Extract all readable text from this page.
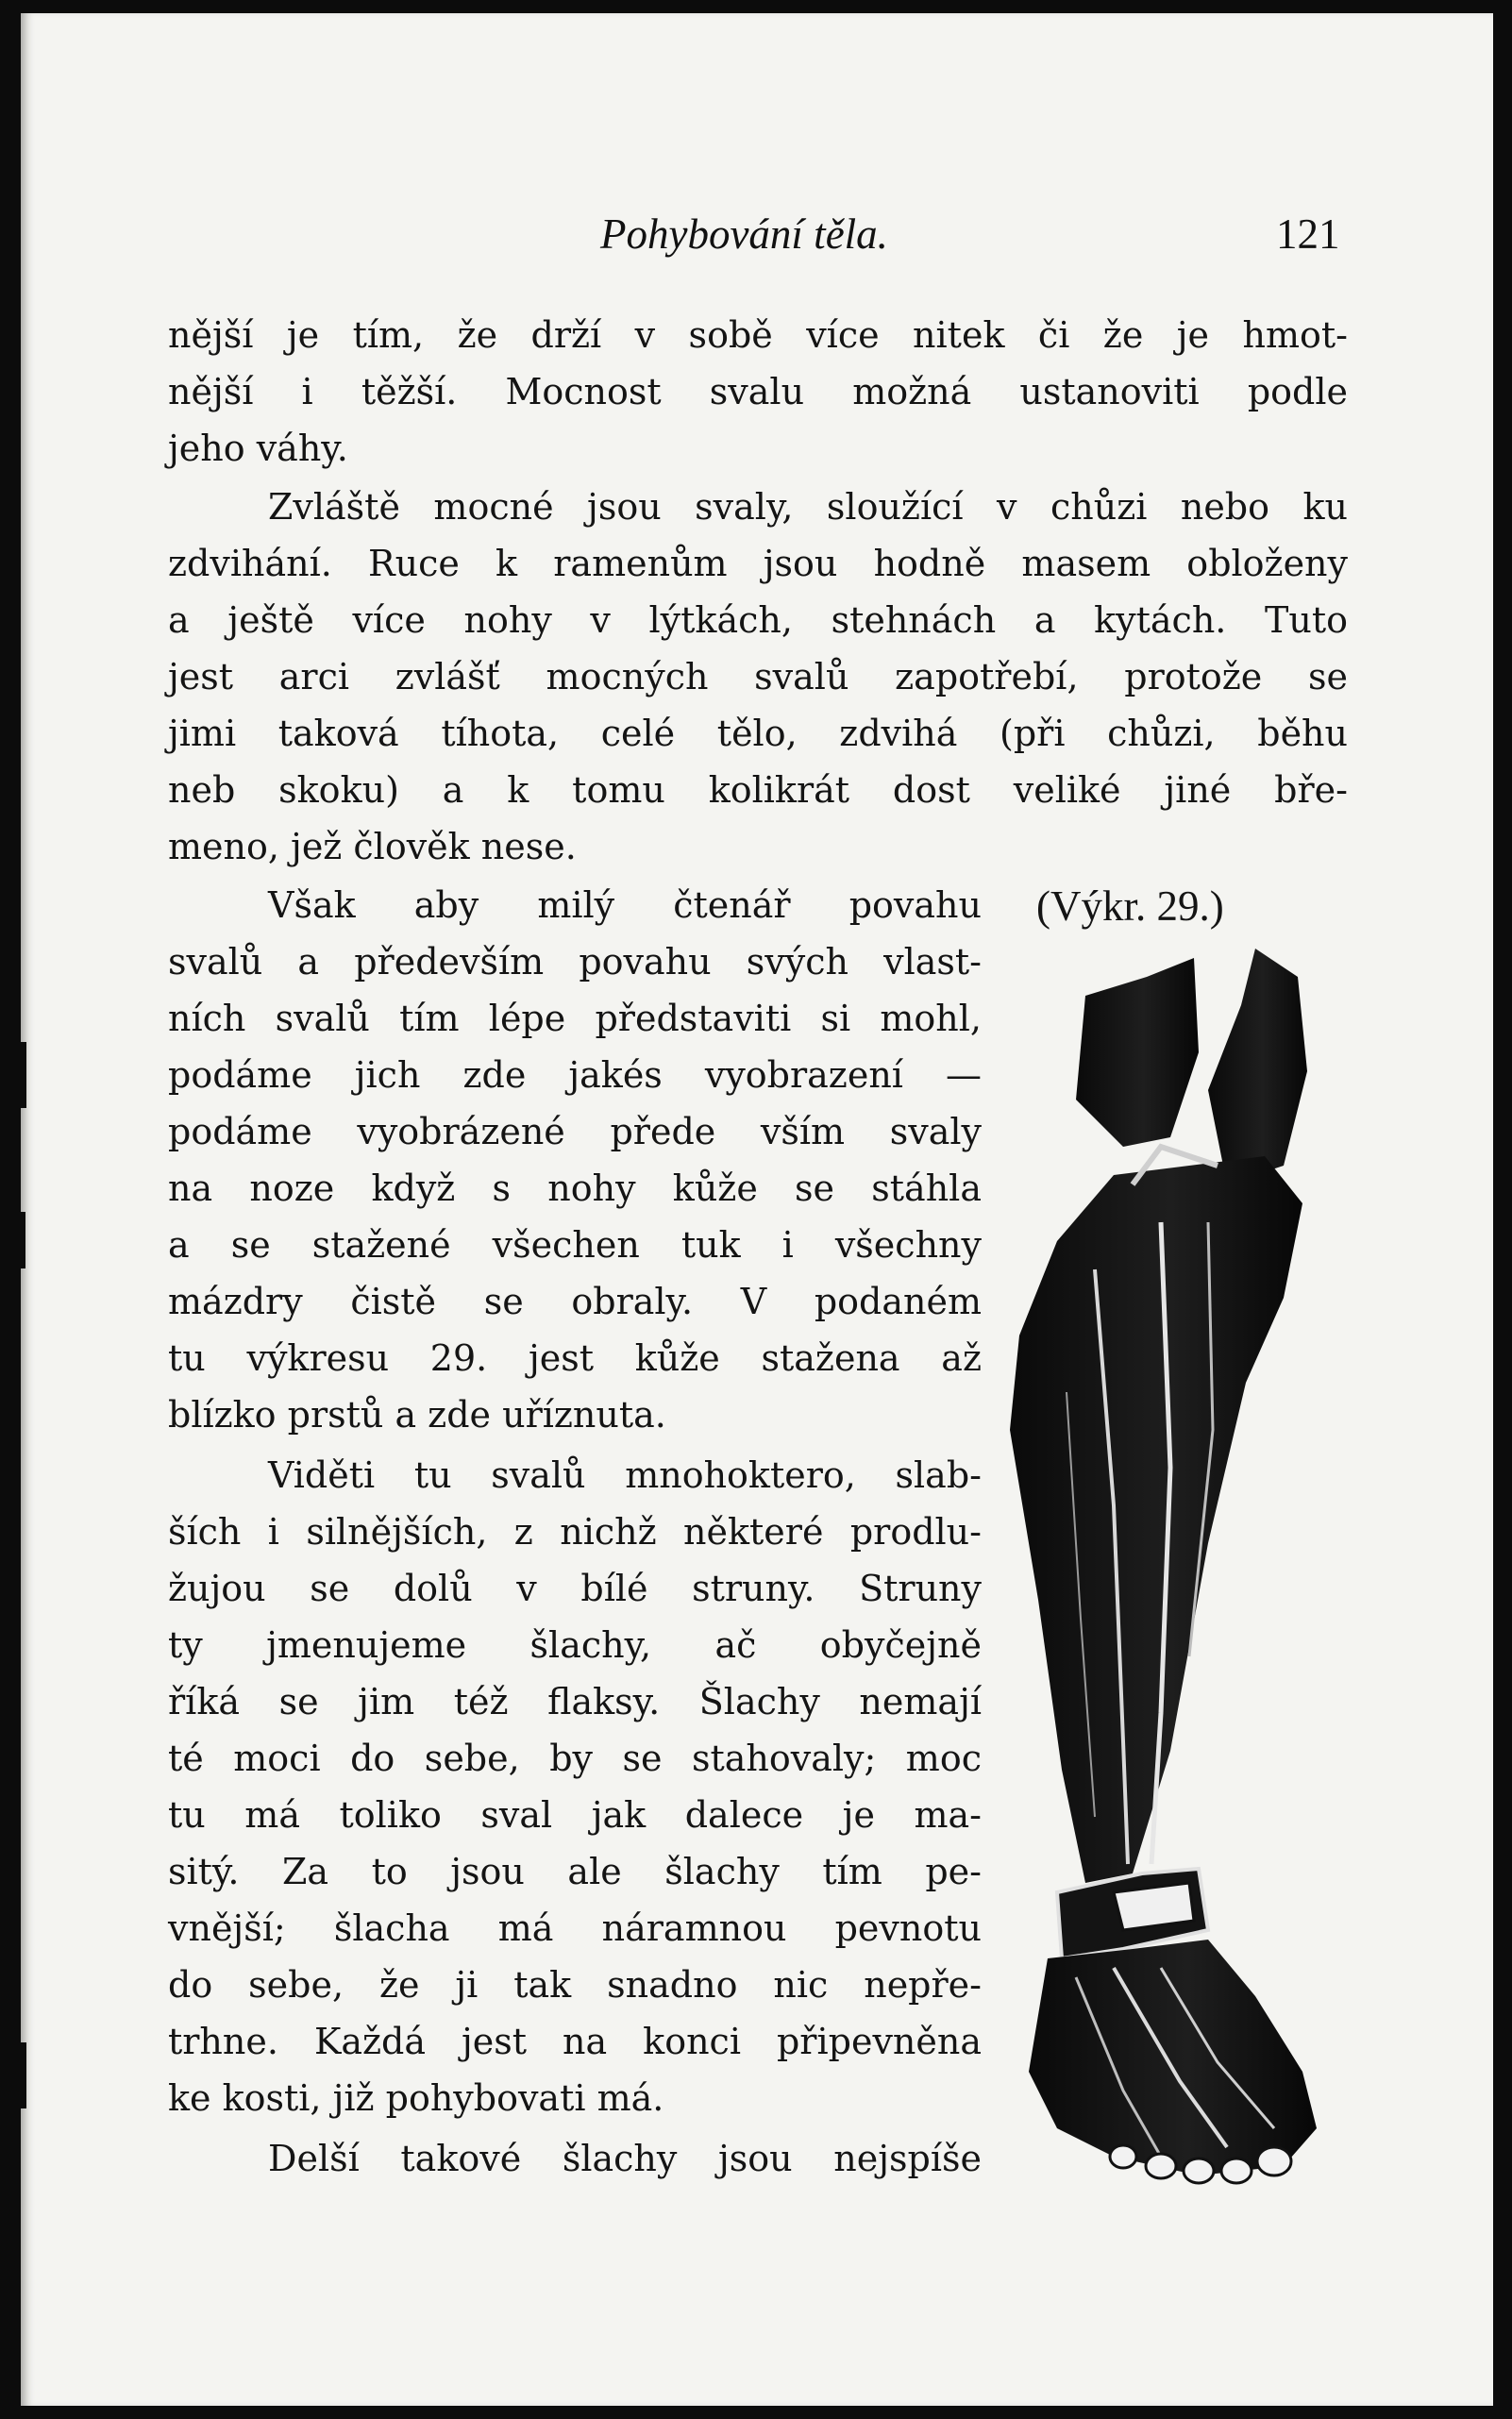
Pohybování těla.	121

nější je tím, že drží v sobě více nitek či že je hmot-

nější i těžší. Mocnost svalu možná ustanoviti podle

jeho váhy.

Zvláště mocné jsou svaly, sloužící v chůzi nebo ku

zdvihání. Ruce k ramenům jsou hodně masem obloženy

a ještě více nohy v lýtkách, stehnách a kytách. Tuto

jest arci zvlášť mocných svalů zapotřebí, protože se

jimi taková tíhota, celé tělo, zdvihá (při chůzi, běhu

neb skoku) a k tomu kolikrát dost veliké jiné bře-

meno, jež člověk nese.

Však aby milý čtenář povahu

svalů a především povahu svých vlast-

ních svalů tím lépe představiti si mohl,

podáme jich zde jakés vyobrazení —

podáme vyobrázené přede vším svaly

na noze když s nohy kůže se stáhla

a se stažené všechen tuk i všechny

mázdry čistě se obraly. V podaném

tu výkresu 29. jest kůže stažena až

blízko prstů a zde uříznuta.

Viděti tu svalů mnohoktero, slab-

ších i silnějších, z nichž některé prodlu-

žujou se dolů v bílé struny. Struny

ty jmenujeme šlachy, ač obyčejně

říká se jim též flaksy. Šlachy nemají

té moci do sebe, by se stahovaly; moc

tu má toliko sval jak dalece je ma-

sitý. Za to jsou ale šlachy tím pe-

vnější; šlacha má náramnou pevnotu

do sebe, že ji tak snadno nic nepře-

trhne. Každá jest na konci připevněna

ke kosti, již pohybovati má.

Delší takové šlachy jsou nejspíše

(Výkr. 29.)
